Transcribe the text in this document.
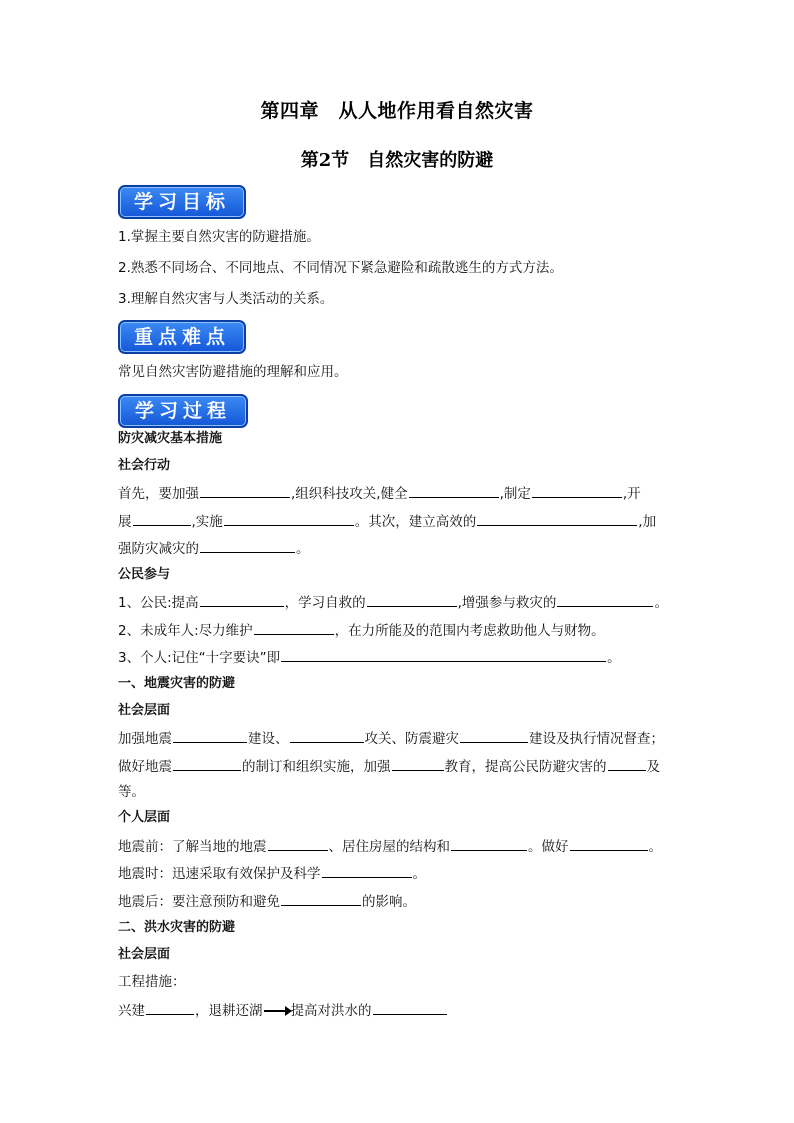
第四章　从人地作用看自然灾害
第2节　自然灾害的防避
学习目标
1.掌握主要自然灾害的防避措施。
2.熟悉不同场合、不同地点、不同情况下紧急避险和疏散逃生的方式方法。
3.理解自然灾害与人类活动的关系。
重点难点
常见自然灾害防避措施的理解和应用。
学习过程
防灾减灾基本措施
社会行动
首先，要加强	,组织科技攻关,健全	,制定	,开
展	,实施	。其次，建立高效的	,加
强防灾减灾的	。
公民参与
1、公民:提高	，学习自救的	,增强参与救灾的	。
2、未成年人:尽力维护	，在力所能及的范围内考虑救助他人与财物。
3、个人:记住“十字要诀”即	。
一、地震灾害的防避
社会层面
加强地震	建设、	攻关、防震避灾	建设及执行情况督查；
做好地震	的制订和组织实施，加强	教育，提高公民防避灾害的	及
等。
个人层面
地震前：了解当地的地震	、居住房屋的结构和	。做好	。
地震时：迅速采取有效保护及科学	。
地震后：要注意预防和避免	的影响。
二、洪水灾害的防避
社会层面
工程措施：
兴建	，退耕还湖 提高对洪水的
